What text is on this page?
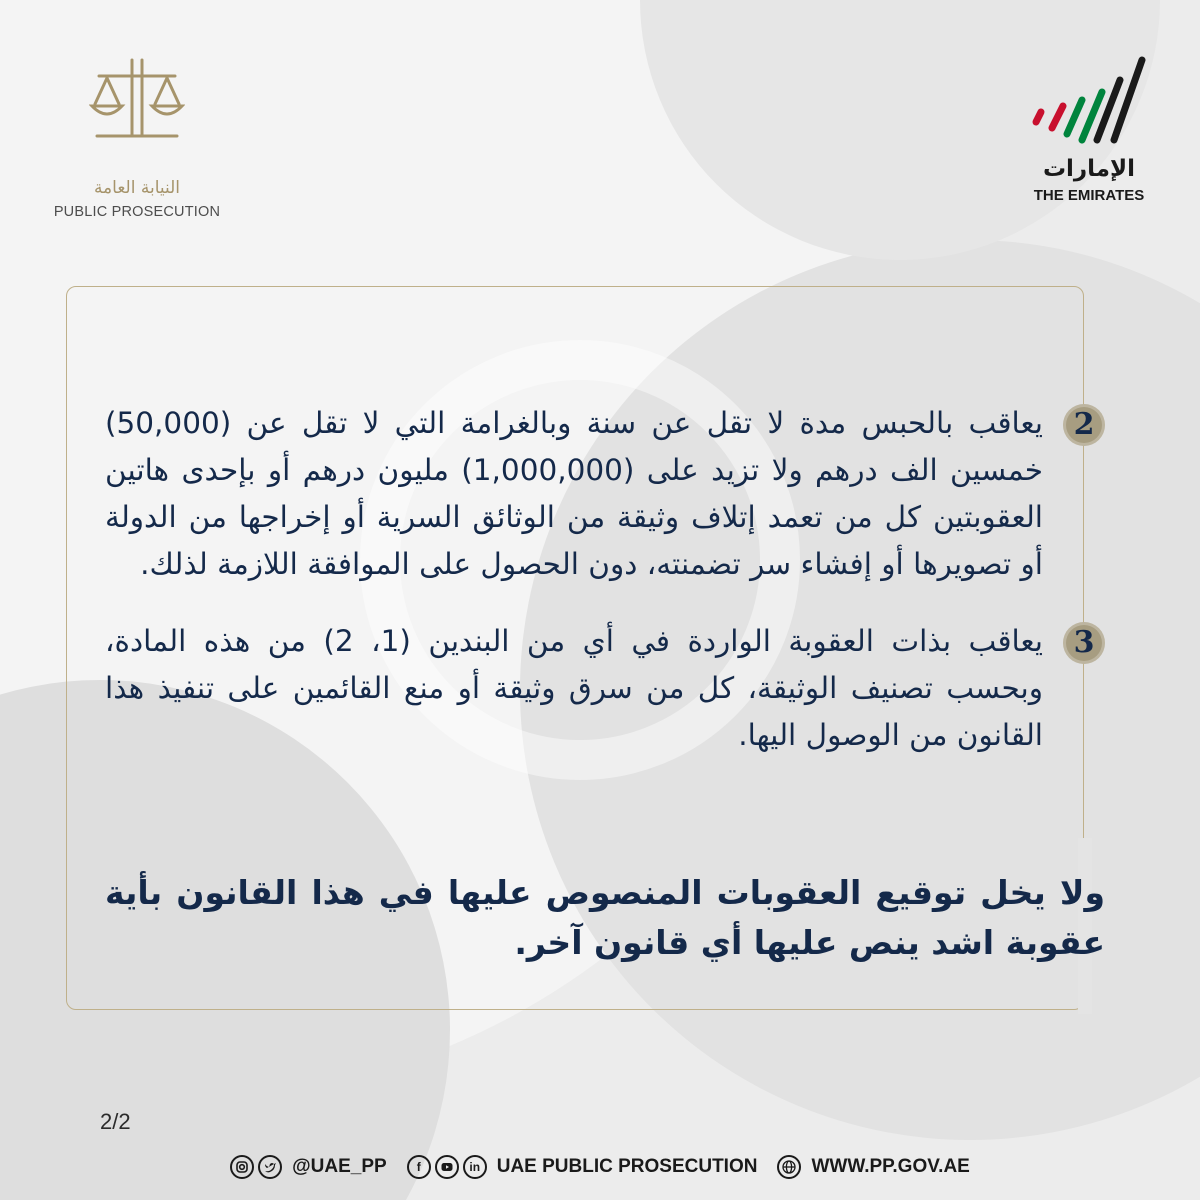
النيابة العامة
PUBLIC PROSECUTION
الإمارات
THE EMIRATES
2
يعاقب بالحبس مدة لا تقل عن سنة وبالغرامة التي لا تقل عن (50,000) خمسين الف درهم ولا تزيد على (1,000,000) مليون درهم أو بإحدى هاتين العقوبتين كل من تعمد إتلاف وثيقة من الوثائق السرية أو إخراجها من الدولة أو تصويرها أو إفشاء سر تضمنته، دون الحصول على الموافقة اللازمة لذلك.
3
يعاقب بذات العقوبة الواردة في أي من البندين (1، 2) من هذه المادة، وبحسب تصنيف الوثيقة، كل من سرق وثيقة أو منع القائمين على تنفيذ هذا القانون من الوصول اليها.
ولا يخل توقيع العقوبات المنصوص عليها في هذا القانون بأية عقوبة اشد ينص عليها أي قانون آخر.
2/2
@UAE_PP	f	in UAE PUBLIC PROSECUTION	WWW.PP.GOV.AE
